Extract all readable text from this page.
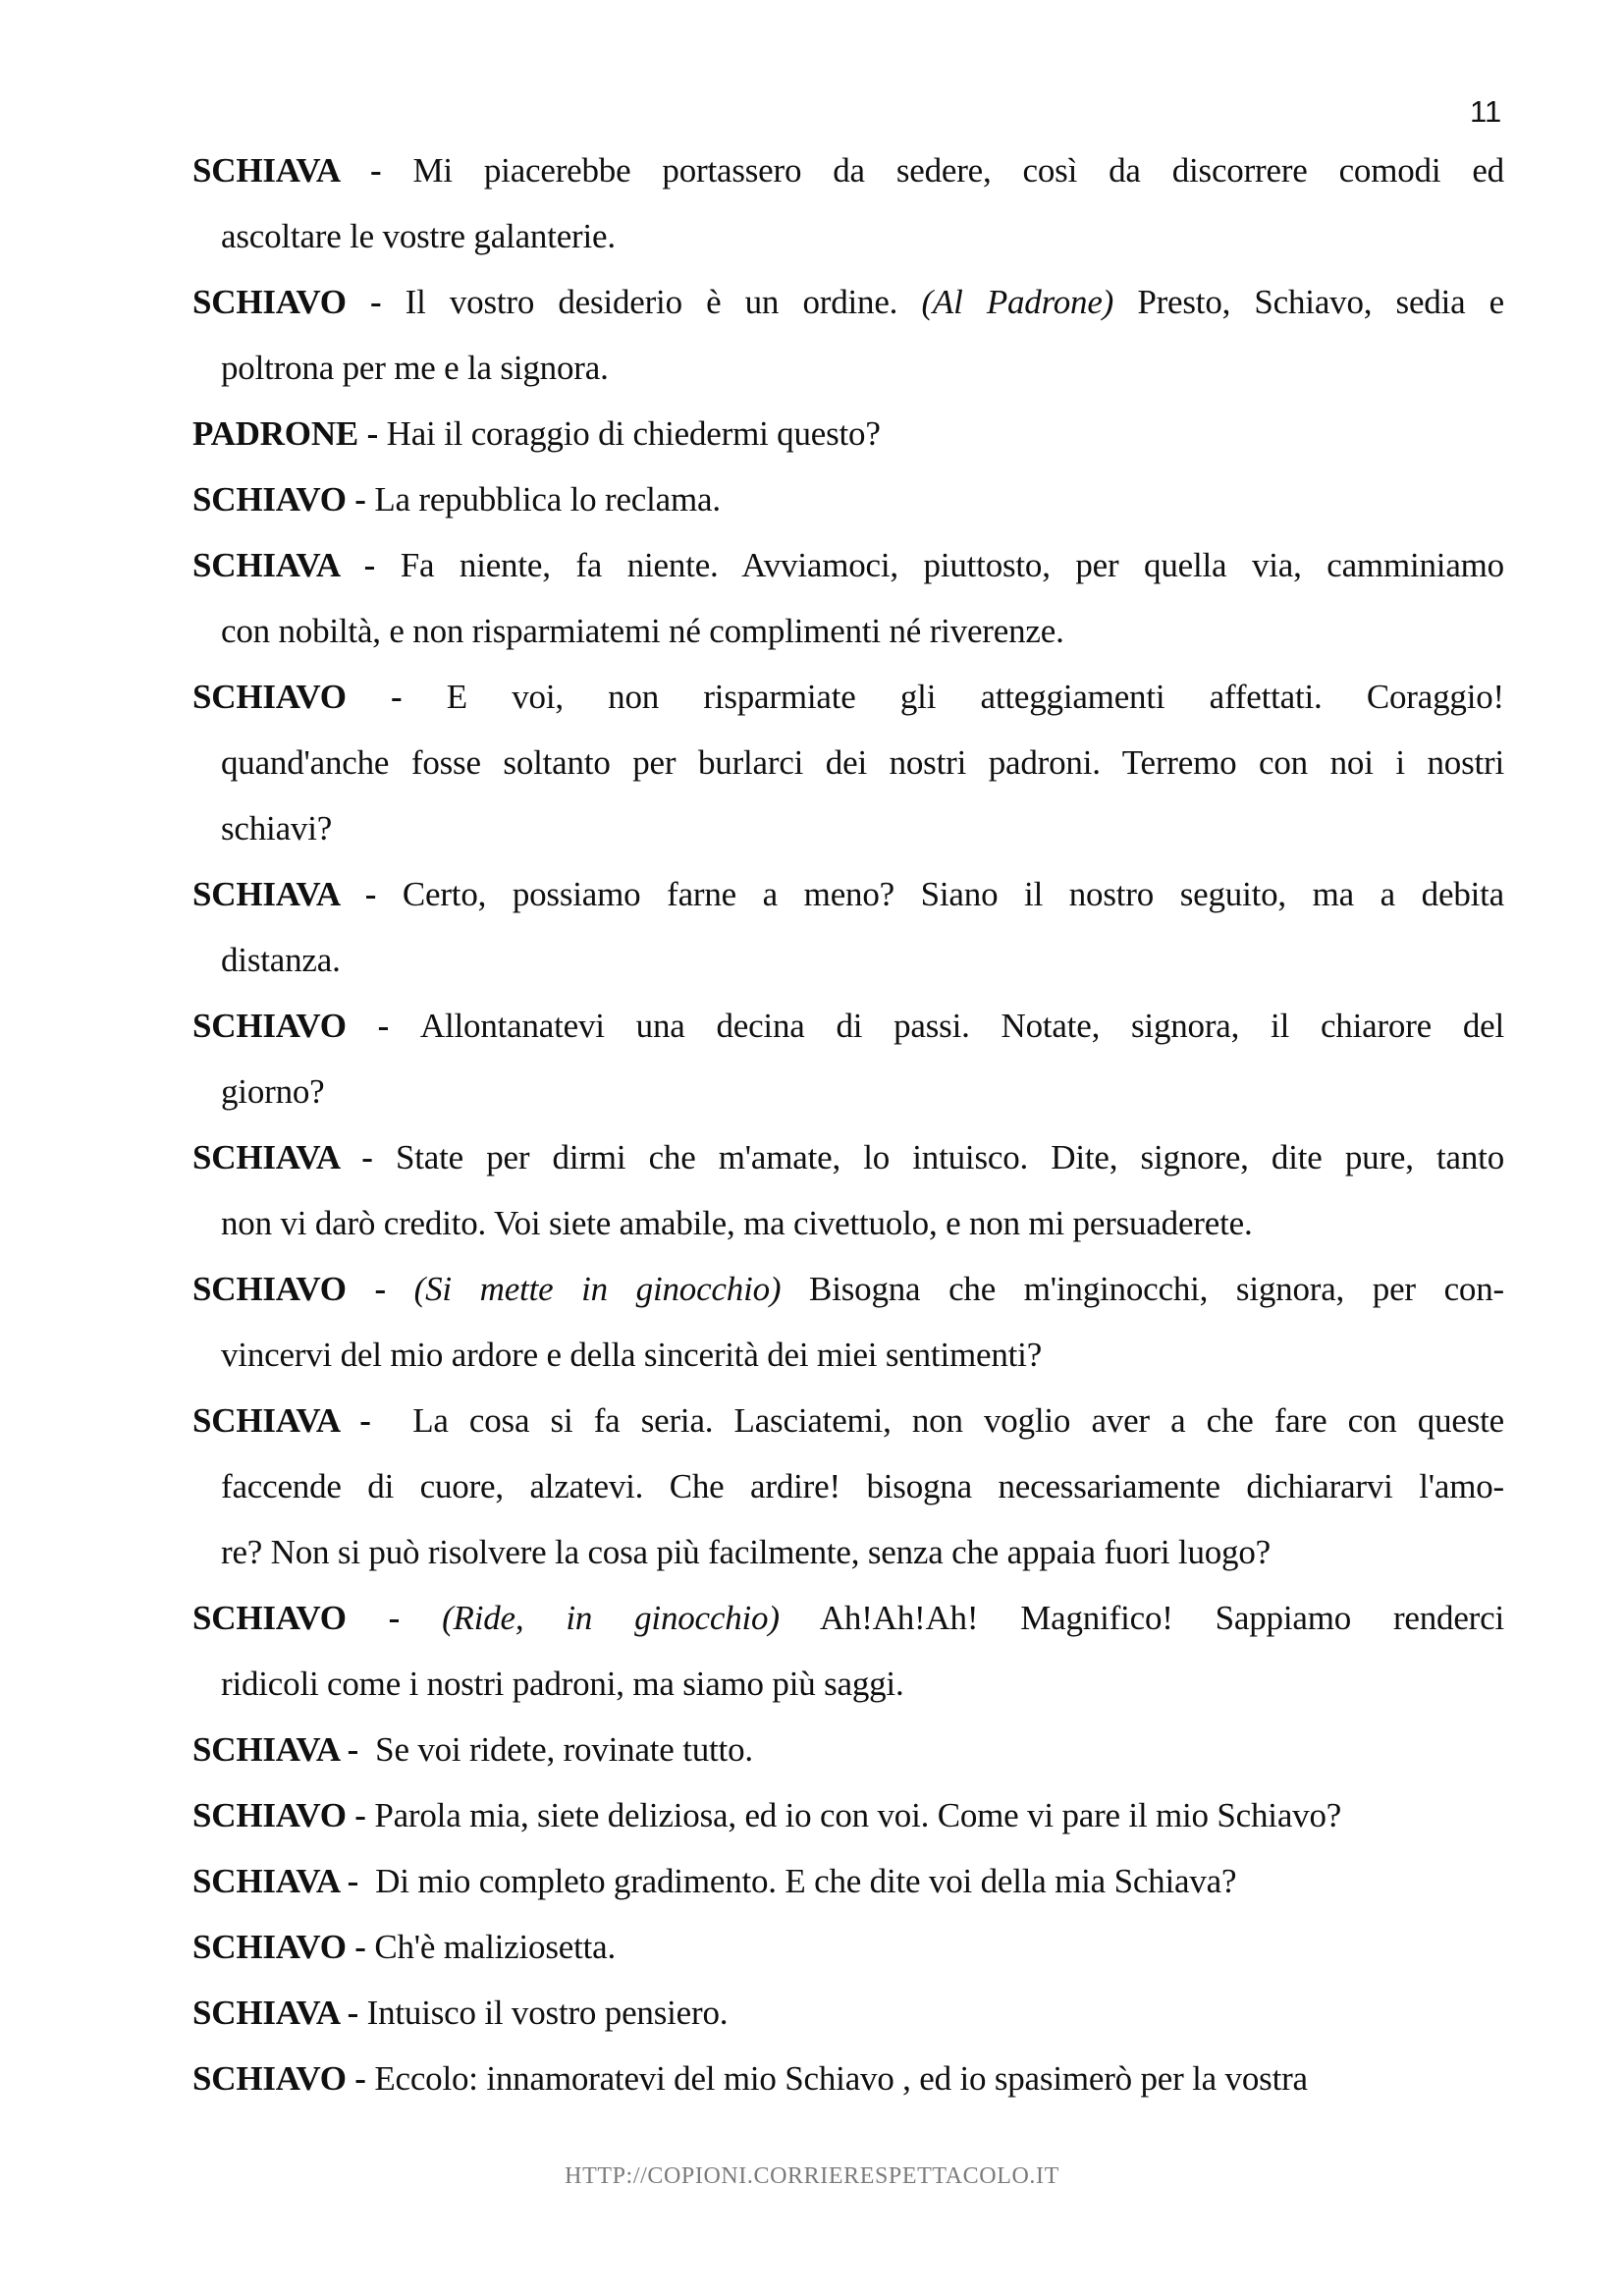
11

SCHIAVA - Mi piacerebbe portassero da sedere, così da discorrere comodi ed
ascoltare le vostre galanterie.

SCHIAVO - Il vostro desiderio è un ordine. (Al Padrone) Presto, Schiavo, sedia e
poltrona per me e la signora.

PADRONE - Hai il coraggio di chiedermi questo?

SCHIAVO - La repubblica lo reclama.

SCHIAVA - Fa niente, fa niente. Avviamoci, piuttosto, per quella via, camminiamo
con nobiltà, e non risparmiatemi né complimenti né riverenze.

SCHIAVO - E voi, non risparmiate gli atteggiamenti affettati. Coraggio!
quand'anche fosse soltanto per burlarci dei nostri padroni. Terremo con noi i nostri
schiavi?

SCHIAVA - Certo, possiamo farne a meno? Siano il nostro seguito, ma a debita
distanza.

SCHIAVO - Allontanatevi una decina di passi. Notate, signora, il chiarore del
giorno?

SCHIAVA - State per dirmi che m'amate, lo intuisco. Dite, signore, dite pure, tanto
non vi darò credito. Voi siete amabile, ma civettuolo, e non mi persuaderete.

SCHIAVO - (Si mette in ginocchio) Bisogna che m'inginocchi, signora, per con-
vincervi del mio ardore e della sincerità dei miei sentimenti?

SCHIAVA -  La cosa si fa seria. Lasciatemi, non voglio aver a che fare con queste
faccende di cuore, alzatevi. Che ardire! bisogna necessariamente dichiararvi l'amo-
re? Non si può risolvere la cosa più facilmente, senza che appaia fuori luogo?

SCHIAVO - (Ride, in ginocchio) Ah!Ah!Ah! Magnifico! Sappiamo renderci
ridicoli come i nostri padroni, ma siamo più saggi.

SCHIAVA -  Se voi ridete, rovinate tutto.

SCHIAVO - Parola mia, siete deliziosa, ed io con voi. Come vi pare il mio Schiavo?

SCHIAVA -  Di mio completo gradimento. E che dite voi della mia Schiava?

SCHIAVO - Ch'è maliziosetta.

SCHIAVA - Intuisco il vostro pensiero.

SCHIAVO - Eccolo: innamoratevi del mio Schiavo , ed io spasimerò per la vostra

HTTP://COPIONI.CORRIERESPETTACOLO.IT
